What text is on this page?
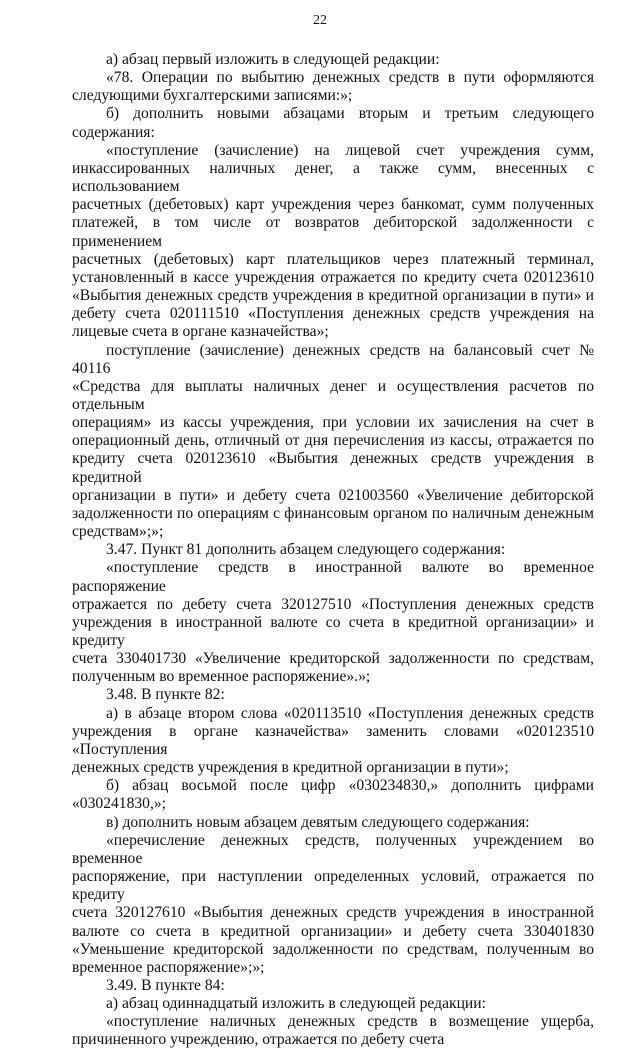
22
а) абзац первый изложить в следующей редакции:
«78. Операции по выбытию денежных средств в пути оформляются
следующими бухгалтерскими записями:»;
б) дополнить новыми абзацами вторым и третьим следующего
содержания:
«поступление (зачисление) на лицевой счет учреждения сумм,
инкассированных наличных денег, а также сумм, внесенных с использованием
расчетных (дебетовых) карт учреждения через банкомат, сумм полученных
платежей, в том числе от возвратов дебиторской задолженности с применением
расчетных (дебетовых) карт плательщиков через платежный терминал,
установленный в кассе учреждения отражается по кредиту счета 020123610
«Выбытия денежных средств учреждения в кредитной организации в пути» и
дебету счета 020111510 «Поступления денежных средств учреждения на
лицевые счета в органе казначейства»;
поступление (зачисление) денежных средств на балансовый счет № 40116
«Средства для выплаты наличных денег и осуществления расчетов по отдельным
операциям» из кассы учреждения, при условии их зачисления на счет в
операционный день, отличный от дня перечисления из кассы, отражается по
кредиту счета 020123610 «Выбытия денежных средств учреждения в кредитной
организации в пути» и дебету счета 021003560 «Увеличение дебиторской
задолженности по операциям с финансовым органом по наличным денежным
средствам»;»;
3.47. Пункт 81 дополнить абзацем следующего содержания:
«поступление средств в иностранной валюте во временное распоряжение
отражается по дебету счета 320127510 «Поступления денежных средств
учреждения в иностранной валюте со счета в кредитной организации» и кредиту
счета 330401730 «Увеличение кредиторской задолженности по средствам,
полученным во временное распоряжение».»;
3.48. В пункте 82:
а) в абзаце втором слова «020113510 «Поступления денежных средств
учреждения в органе казначейства» заменить словами «020123510 «Поступления
денежных средств учреждения в кредитной организации в пути»;
б) абзац восьмой после цифр «030234830,» дополнить цифрами
«030241830,»;
в) дополнить новым абзацем девятым следующего содержания:
«перечисление денежных средств, полученных учреждением во временное
распоряжение, при наступлении определенных условий, отражается по кредиту
счета 320127610 «Выбытия денежных средств учреждения в иностранной
валюте со счета в кредитной организации» и дебету счета 330401830
«Уменьшение кредиторской задолженности по средствам, полученным во
временное распоряжение»;»;
3.49. В пункте 84:
а) абзац одиннадцатый изложить в следующей редакции:
«поступление наличных денежных средств в возмещение ущерба,
причиненного учреждению, отражается по дебету счета
